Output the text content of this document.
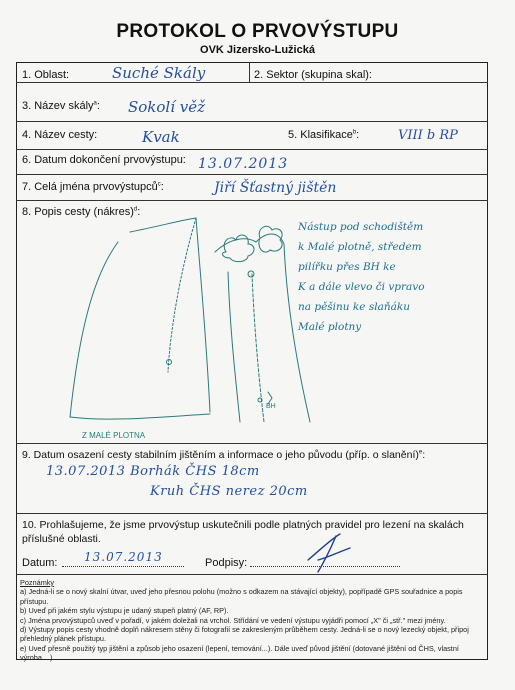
PROTOKOL O PRVOVÝSTUPU
OVK Jizersko-Lužická
1. Oblast:	Suché Skály	2. Sektor (skupina skal):
3. Název skály$^a$: Sokolí věž
4. Název cesty:	Kvak	5. Klasifikace$^b$:	VIII b RP
6. Datum dokončení prvovýstupu: 13.07.2013
7. Celá jména prvovýstupců$^c$:	Jiří Šťastný jištěn
8. Popis cesty (nákres)$^d$:
BH
Z MALÉ PLOTNA
Nástup pod schodištěm
k Malé plotně, středem
pilířku přes BH ke
K a dále vlevo či vpravo
na pěšinu ke slaňáku
Malé plotny
9. Datum osazení cesty stabilním jištěním a informace o jeho původu (příp. o slanění)$^e$:
13.07.2013 Borhák ČHS 18cm
Kruh ČHS nerez 20cm
10. Prohlašujeme, že jsme prvovýstup uskutečnili podle platných pravidel pro lezení na skalách
příslušné oblasti.
Datum: 13.07.2013	Podpisy:
Poznámky
a) Jedná-li se o nový skalní útvar, uveď jeho přesnou polohu (možno s odkazem na stávající objekty), popřípadě GPS souřadnice a popis
přístupu.
b) Uveď při jakém stylu výstupu je udaný stupeň platný (AF, RP).
c) Jména prvovýstupců uveď v pořadí, v jakém doležali na vrchol. Střídání ve vedení výstupu vyjádři pomocí „X" či „stř." mezi jmény.
d) Výstupy popis cesty vhodně doplň nákresem stěny či fotografií se zakresleným průběhem cesty. Jedná-li se o nový lezecký objekt, připoj
přehledný plánek přístupu.
e) Uveď přesně použitý typ jištění a způsob jeho osazení (lepení, temování...). Dále uveď původ jištění (dotované jištění od ČHS, vlastní
výroba ...)
